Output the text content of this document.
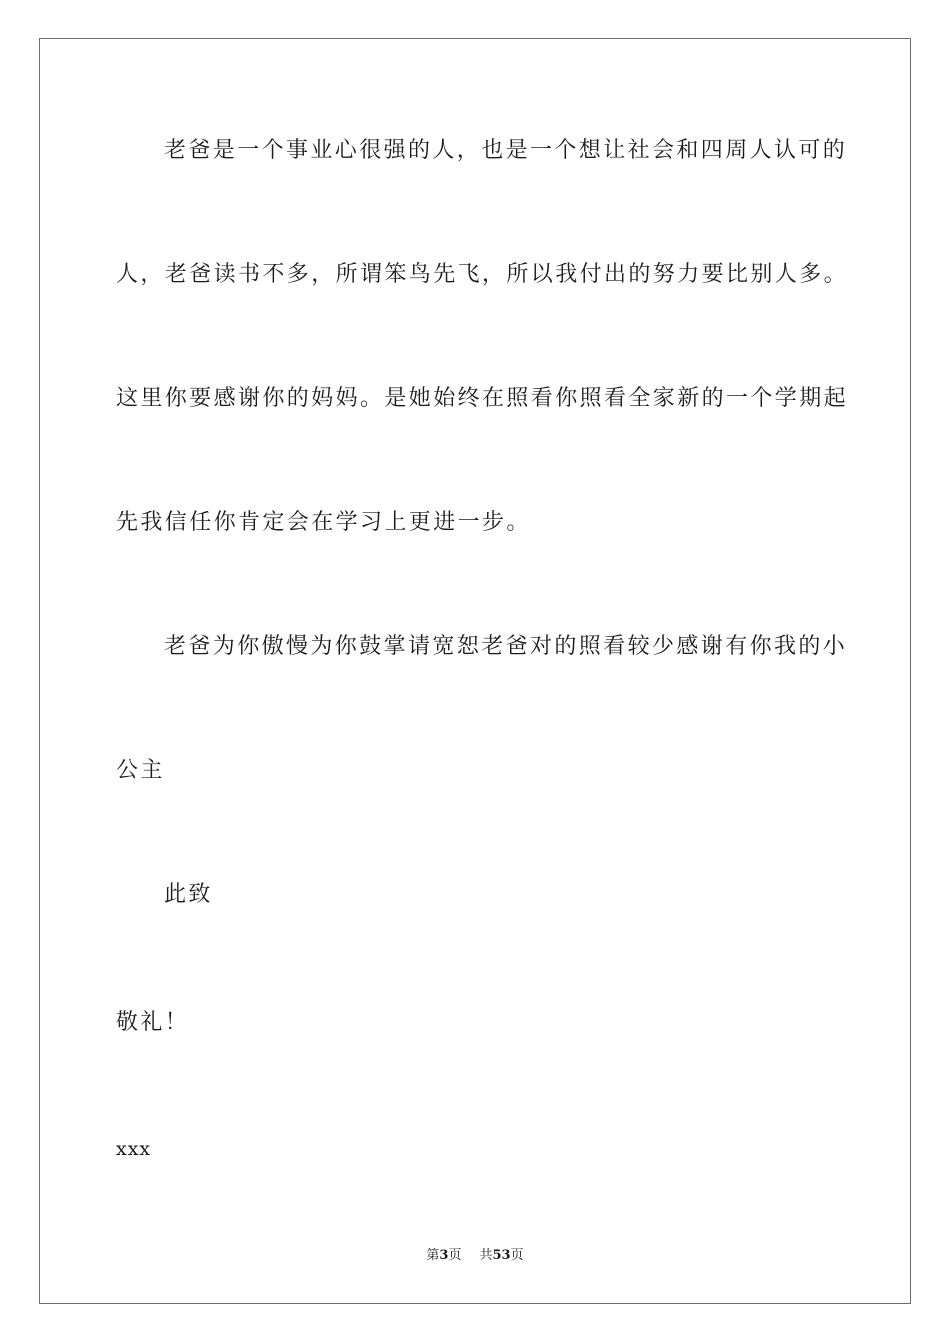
老爸是一个事业心很强的人，也是一个想让社会和四周人认可的
人，老爸读书不多，所谓笨鸟先飞，所以我付出的努力要比别人多。
这里你要感谢你的妈妈。是她始终在照看你照看全家新的一个学期起
先我信任你肯定会在学习上更进一步。
老爸为你傲慢为你鼓掌请宽恕老爸对的照看较少感谢有你我的小
公主
此致
敬礼！
xxx
第3页 共53页
